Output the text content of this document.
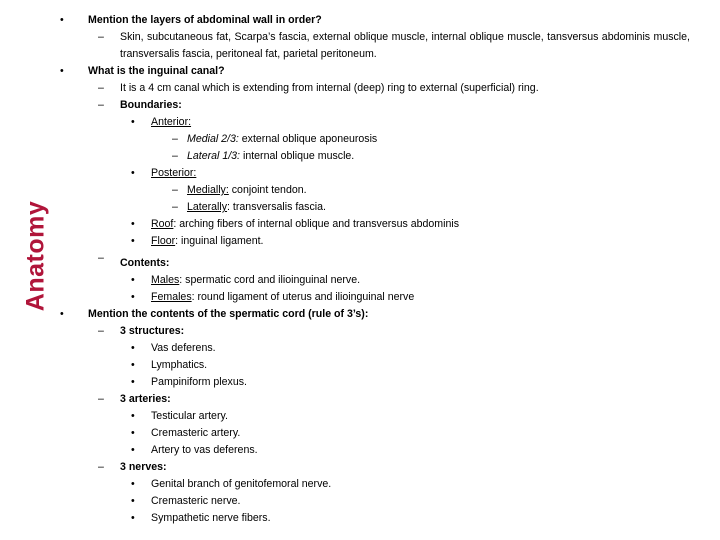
Anatomy
• Mention the layers of abdominal wall in order?
– Skin, subcutaneous fat, Scarpa’s fascia, external oblique muscle, internal oblique muscle, tansversus abdominis muscle, transversalis fascia, peritoneal fat, parietal peritoneum.
• What is the inguinal canal?
– It is a 4 cm canal which is extending from internal (deep) ring to external (superficial) ring.
– Boundaries:
• Anterior:
– Medial 2/3: external oblique aponeurosis
– Lateral 1/3: internal oblique muscle.
• Posterior:
– Medially: conjoint tendon.
– Laterally: transversalis fascia.
• Roof: arching fibers of internal oblique and transversus abdominis
• Floor: inguinal ligament.
– Contents:
• Males: spermatic cord and ilioinguinal nerve.
• Females: round ligament of uterus and ilioinguinal nerve
• Mention the contents of the spermatic cord (rule of 3’s):
– 3 structures:
• Vas deferens.
• Lymphatics.
• Pampiniform plexus.
– 3 arteries:
• Testicular artery.
• Cremasteric artery.
• Artery to vas deferens.
– 3 nerves:
• Genital branch of genitofemoral nerve.
• Cremasteric nerve.
• Sympathetic nerve fibers.
